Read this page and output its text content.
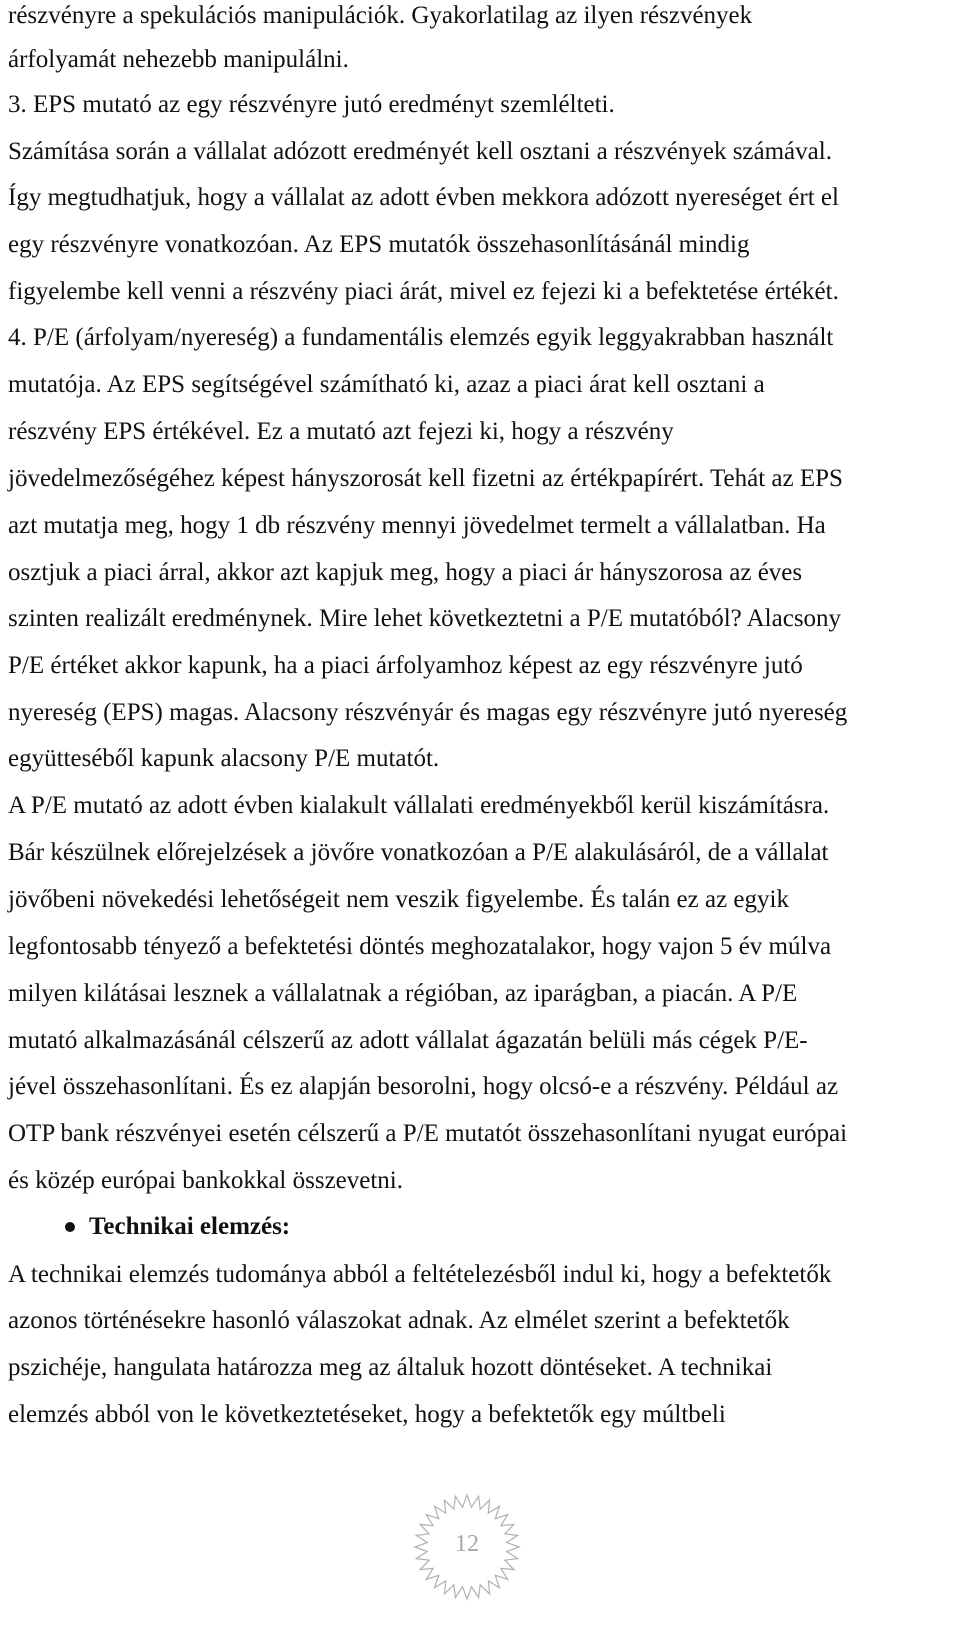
részvényre a spekulációs manipulációk. Gyakorlatilag az ilyen részvények
árfolyamát nehezebb manipulálni.
3. EPS mutató az egy részvényre jutó eredményt szemlélteti.
Számítása során a vállalat adózott eredményét kell osztani a részvények számával.
Így megtudhatjuk, hogy a vállalat az adott évben mekkora adózott nyereséget ért el
egy részvényre vonatkozóan. Az EPS mutatók összehasonlításánál mindig
figyelembe kell venni a részvény piaci árát, mivel ez fejezi ki a befektetése értékét.
4. P/E (árfolyam/nyereség) a fundamentális elemzés egyik leggyakrabban használt
mutatója. Az EPS segítségével számítható ki, azaz a piaci árat kell osztani a
részvény EPS értékével. Ez a mutató azt fejezi ki, hogy a részvény
jövedelmezőségéhez képest hányszorosát kell fizetni az értékpapírért. Tehát az EPS
azt mutatja meg, hogy 1 db részvény mennyi jövedelmet termelt a vállalatban. Ha
osztjuk a piaci árral, akkor azt kapjuk meg, hogy a piaci ár hányszorosa az éves
szinten realizált eredménynek. Mire lehet következtetni a P/E mutatóból? Alacsony
P/E értéket akkor kapunk, ha a piaci árfolyamhoz képest az egy részvényre jutó
nyereség (EPS) magas. Alacsony részvényár és magas egy részvényre jutó nyereség
együtteséből kapunk alacsony P/E mutatót.
A P/E mutató az adott évben kialakult vállalati eredményekből kerül kiszámításra.
Bár készülnek előrejelzések a jövőre vonatkozóan a P/E alakulásáról, de a vállalat
jövőbeni növekedési lehetőségeit nem veszik figyelembe. És talán ez az egyik
legfontosabb tényező a befektetési döntés meghozatalakor, hogy vajon 5 év múlva
milyen kilátásai lesznek a vállalatnak a régióban, az iparágban, a piacán. A P/E
mutató alkalmazásánál célszerű az adott vállalat ágazatán belüli más cégek P/E-
jével összehasonlítani. És ez alapján besorolni, hogy olcsó-e a részvény. Például az
OTP bank részvényei esetén célszerű a P/E mutatót összehasonlítani nyugat európai
és közép európai bankokkal összevetni.
Technikai elemzés:
A technikai elemzés tudománya abból a feltételezésből indul ki, hogy a befektetők
azonos történésekre hasonló válaszokat adnak. Az elmélet szerint a befektetők
pszichéje, hangulata határozza meg az általuk hozott döntéseket. A technikai
elemzés abból von le következtetéseket, hogy a befektetők egy múltbeli
12
